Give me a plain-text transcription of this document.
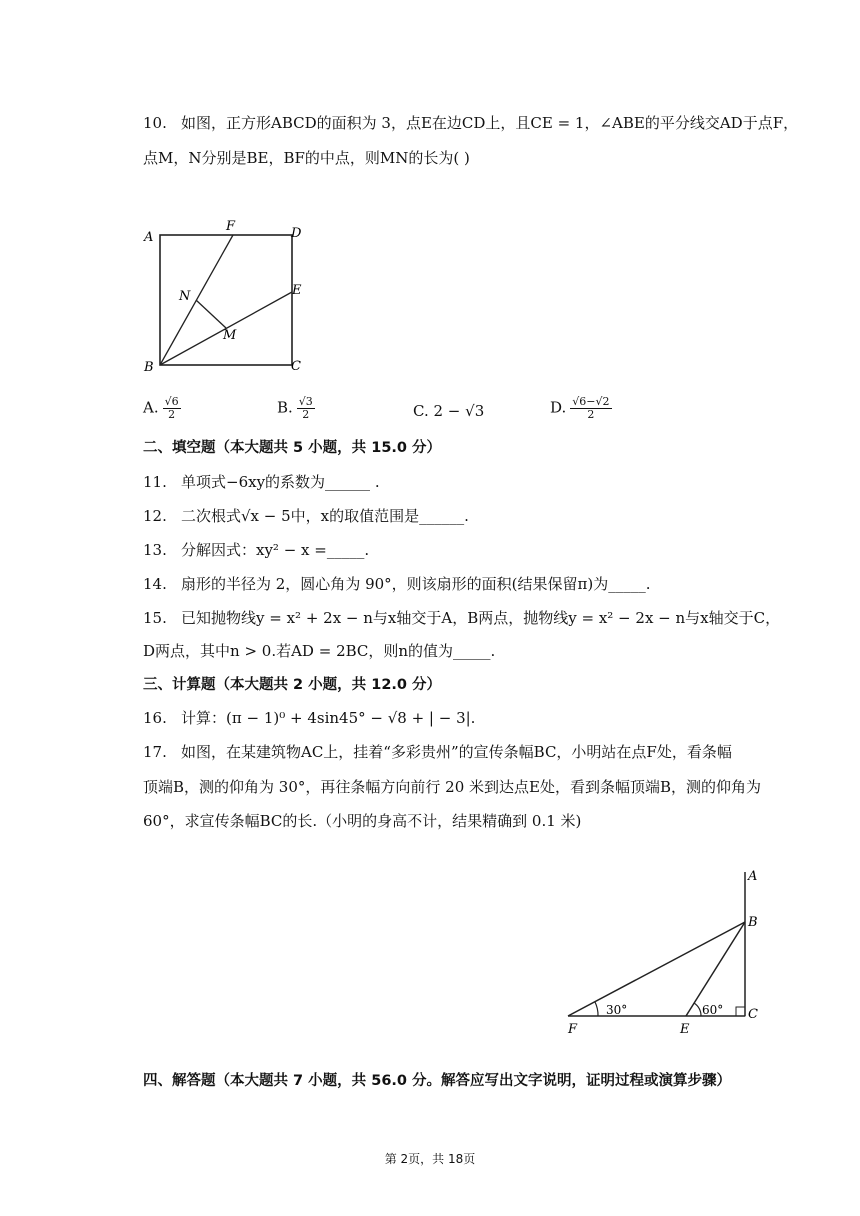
10. 如图，正方形ABCD的面积为 3，点E在边CD上，且CE = 1，∠ABE的平分线交AD于点F，
点M，N分别是BE，BF的中点，则MN的长为( )
A
B	C
D
E
F
N
M
A. $\frac{√6}{2}$	B. $\frac{√3}{2}$	C. 2 − √3	D. $\frac{√6-√2}{2}$
二、填空题（本大题共 5 小题，共 15.0 分）
11. 单项式−6xy的系数为______ .
12. 二次根式√x − 5中，x的取值范围是______.
13. 分解因式：xy² − x =_____.
14. 扇形的半径为 2，圆心角为 90°，则该扇形的面积(结果保留π)为_____.
15. 已知抛物线y = x² + 2x − n与x轴交于A，B两点，抛物线y = x² − 2x − n与x轴交于C，
D两点，其中n > 0.若AD = 2BC，则n的值为_____.
三、计算题（本大题共 2 小题，共 12.0 分）
16. 计算：(π − 1)⁰ + 4sin45° − √8 + | − 3|.
17. 如图，在某建筑物AC上，挂着“多彩贵州”的宣传条幅BC，小明站在点F处，看条幅
顶端B，测的仰角为 30°，再往条幅方向前行 20 米到达点E处，看到条幅顶端B，测的仰角为
60°，求宣传条幅BC的长.（小明的身高不计，结果精确到 0.1 米)
A
B
C
E
F
30°	60°
四、解答题（本大题共 7 小题，共 56.0 分。解答应写出文字说明，证明过程或演算步骤）
第 2页，共 18页
